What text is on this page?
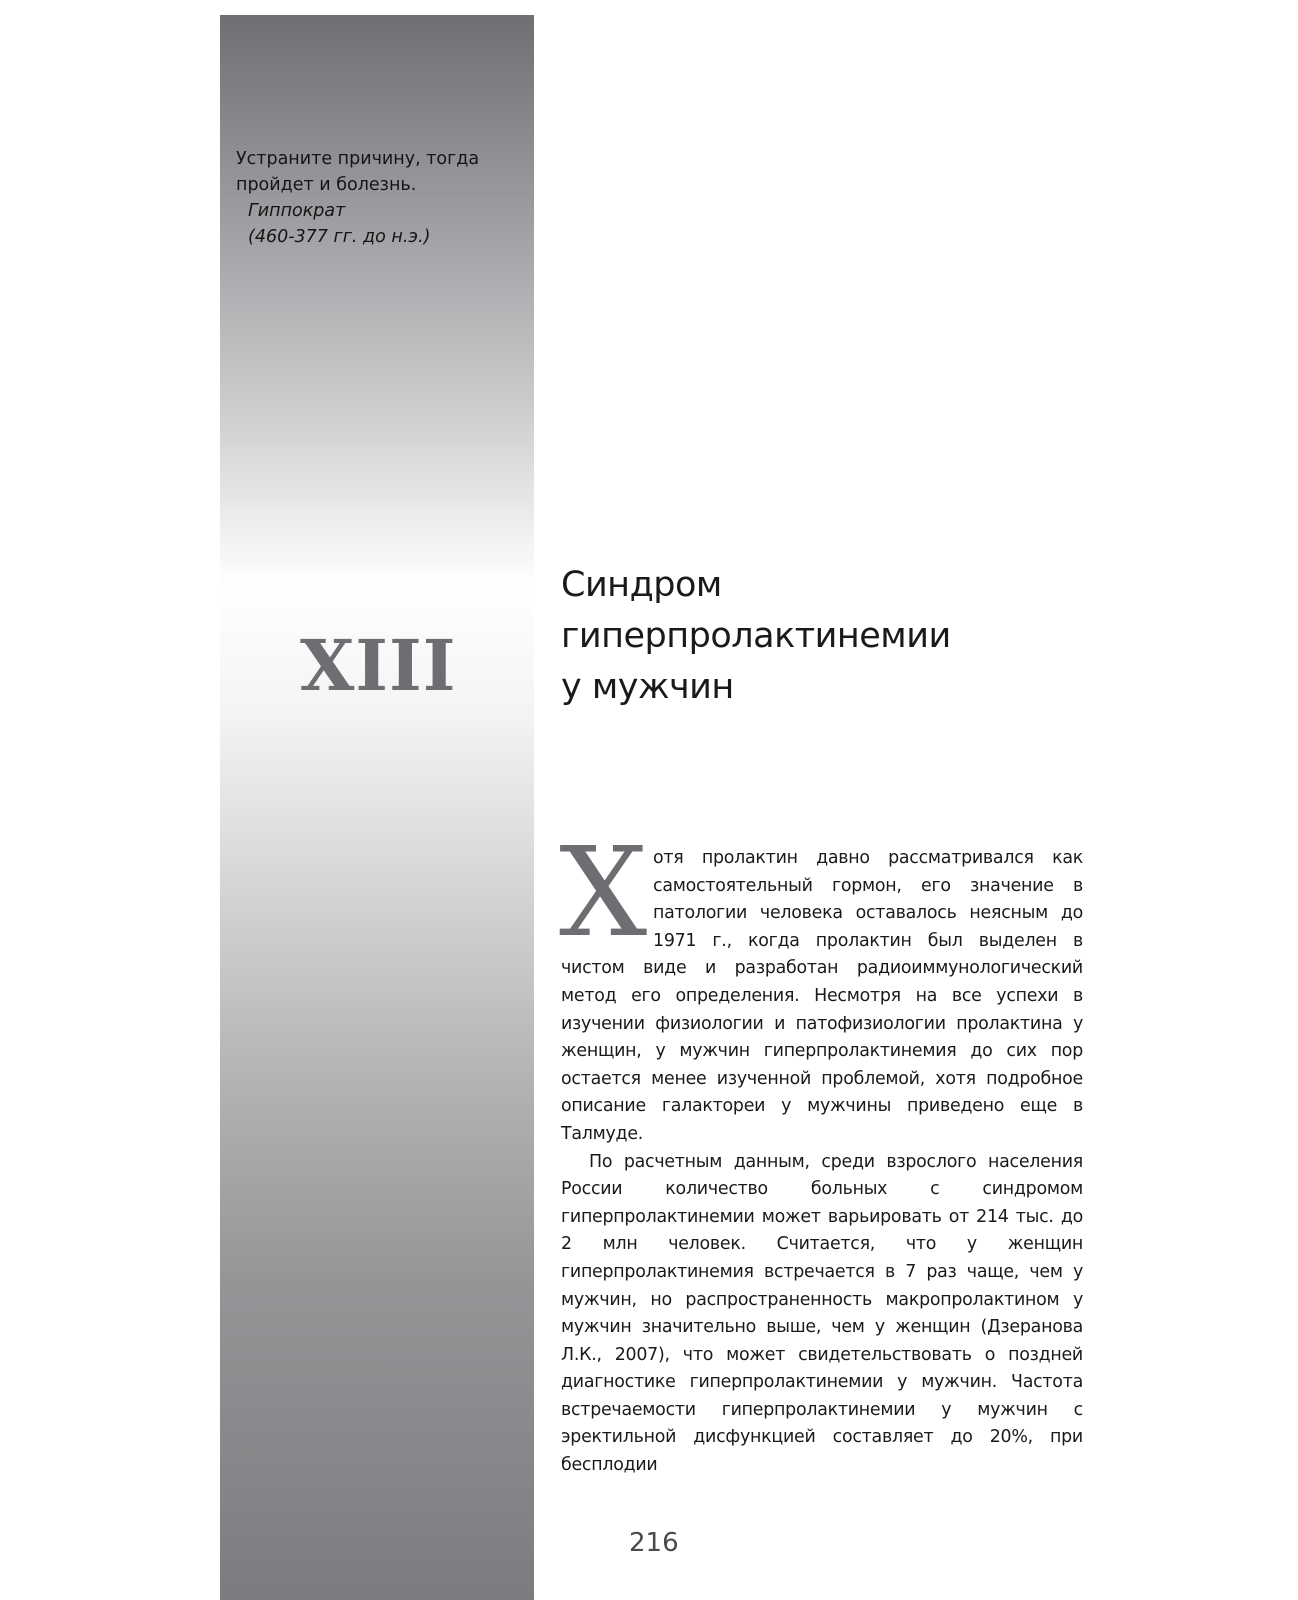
Устраните причину, тогда пройдет и болезнь.
Гиппократ
(460-377 гг. до н.э.)
XIII
Синдром
гиперпролактинемии
у мужчин

Хотя пролактин давно рассматривался как самостоятельный гормон, его значение в патологии человека оставалось неясным до 1971 г., когда пролактин был выделен в чистом виде и разработан радиоиммунологический метод его определения. Несмотря на все успехи в изучении физиологии и патофизиологии пролактина у женщин, у мужчин гиперпролактинемия до сих пор остается менее изученной проблемой, хотя подробное описание галактореи у мужчины приведено еще в Талмуде.

По расчетным данным, среди взрослого населения России количество больных с синдромом гиперпролактинемии может варьировать от 214 тыс. до 2 млн человек. Считается, что у женщин гиперпролактинемия встречается в 7 раз чаще, чем у мужчин, но распространенность макропролактином у мужчин значительно выше, чем у женщин (Дзеранова Л.К., 2007), что может свидетельствовать о поздней диагностике гиперпролактинемии у мужчин. Частота встречаемости гиперпролактинемии у мужчин с эректильной дисфункцией составляет до 20%, при бесплодии

216
